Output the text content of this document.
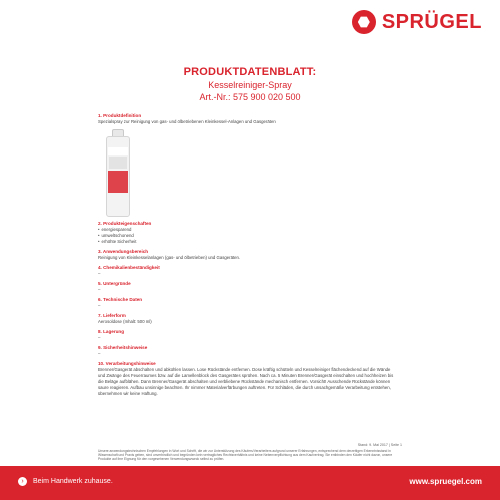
SPRÜGEL
PRODUKTDATENBLATT:
Kesselreiniger-Spray
Art.-Nr.: 575 900 020 500
1. Produktdefinition
Spezialspray zur Reinigung von gas- und ölbetriebenen Kleinkessel-Anlagen und Gasgeräten
2. Produkteigenschaften
• energiesparend
• umweltschonend
• erhöhte Sicherheit
3. Anwendungsbereich
Reinigung von Kleinkesselanlagen (gas- und ölbetrieben) und Gasgeräten.
4. Chemikalienbeständigkeit
–
5. Untergründe
–
6. Technische Daten
–
7. Lieferform
Aerosoldose (Inhalt: 500 ml)
8. Lagerung
–
9. Sicherheitshinweise
–
10. Verarbeitungshinweise
Brenner/Gasgerät abschalten und abkühlen lassen. Lose Rückstände entfernen. Dose kräftig schütteln und Kesselreiniger flächendeckend auf die Wände und Zwänge des Feuerraumes bzw. auf die Lamellenblock des Gasgerätes sprühen. Nach ca. 5 Minuten Brenner/Gasgerät einschalten und hochheizen bis die Beläge aufblähen. Dann Brenner/Gasgerät abschalten und verbliebene Rückstände mechanisch entfernen. Vorsicht! Ausschende Rückstände können saure reagieren. Aufbau unsinnige beachten. Ihr nimmer Materialverfärbungen auftreten. Für Schläden, die durch unsachgemäße Verarbeitung entstehen, übernehmen wir keine Haftung.
Stand: 9. Mai 2017 | Seite 1
Unsere anwendungstechnischen Empfehlungen in Wort und Schrift, die wir zur Unterstützung des Käufers/Verarbeiters aufgrund unserer Erfahrungen, entsprechend dem derzeitigen Erkenntnisstand in Wissenschaft und Praxis geben, sind unverbindlich und begründen kein vertragliches Rechtsverhältnis und keine Nebenverpflichtung aus dem Kaufvertrag. Sie entbinden den Käufer nicht davon, unsere Produkte auf ihre Eignung für den vorgesehenen Verwendungszweck selbst zu prüfen.
›	Beim Handwerk zuhause.	www.spruegel.com
